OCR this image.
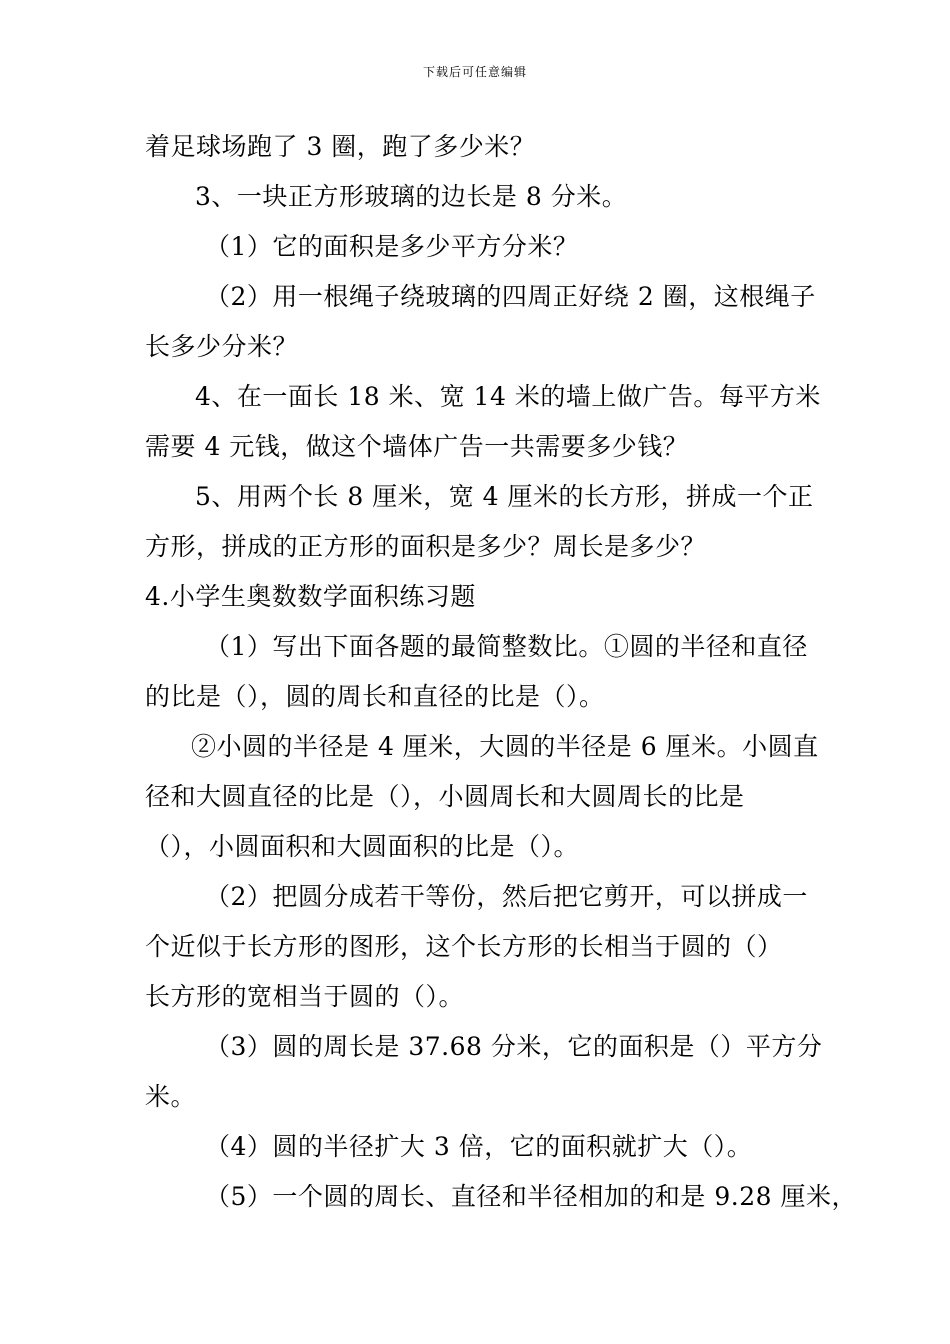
下载后可任意编辑
着足球场跑了 3 圈，跑了多少米？
3、一块正方形玻璃的边长是 8 分米。
（1）它的面积是多少平方分米？
（2）用一根绳子绕玻璃的四周正好绕 2 圈，这根绳子
长多少分米？
4、在一面长 18 米、宽 14 米的墙上做广告。每平方米
需要 4 元钱，做这个墙体广告一共需要多少钱？
5、用两个长 8 厘米，宽 4 厘米的长方形，拼成一个正
方形，拼成的正方形的面积是多少？周长是多少？
4.小学生奥数数学面积练习题
（1）写出下面各题的最简整数比。①圆的半径和直径
的比是（），圆的周长和直径的比是（）。
②小圆的半径是 4 厘米，大圆的半径是 6 厘米。小圆直
径和大圆直径的比是（），小圆周长和大圆周长的比是
（），小圆面积和大圆面积的比是（）。
（2）把圆分成若干等份，然后把它剪开，可以拼成一
个近似于长方形的图形，这个长方形的长相当于圆的（）
长方形的宽相当于圆的（）。
（3）圆的周长是 37.68 分米，它的面积是（）平方分
米。
（4）圆的半径扩大 3 倍，它的面积就扩大（）。
（5）一个圆的周长、直径和半径相加的和是 9.28 厘米，
